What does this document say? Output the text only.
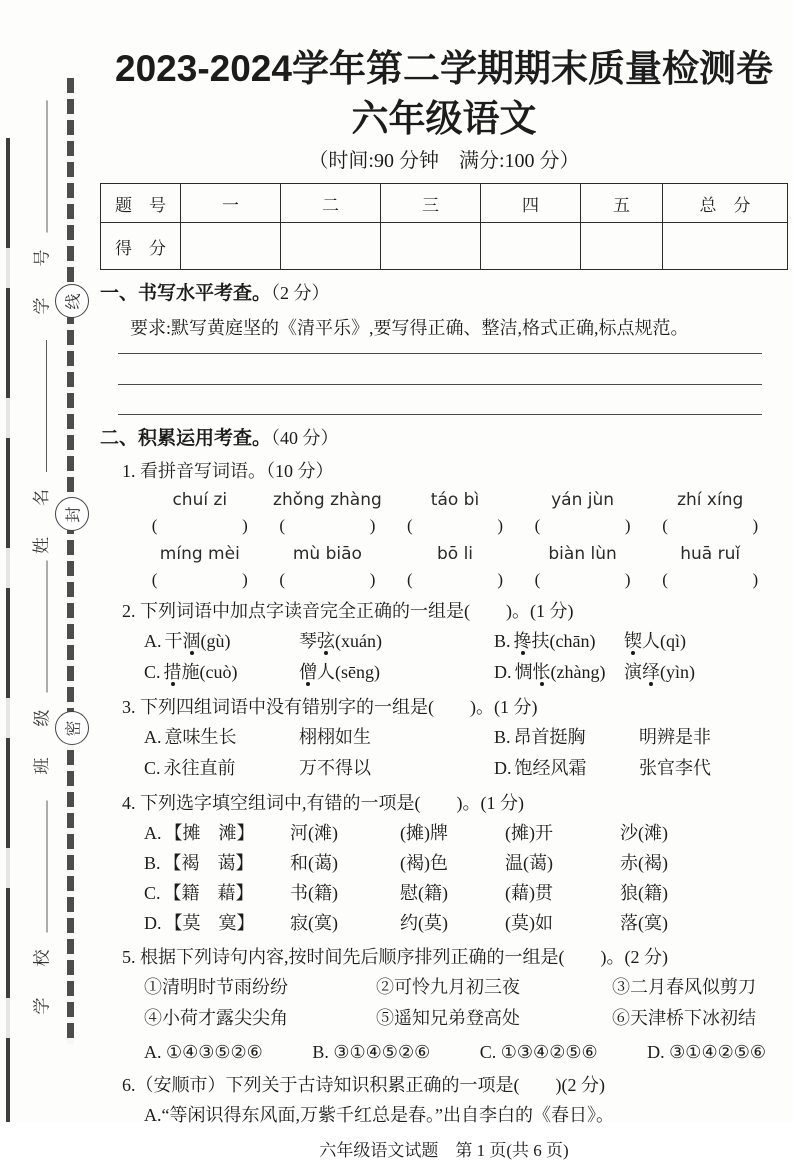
学　号
姓　名
班　级
学　校
线
封
密
2023-2024学年第二学期期末质量检测卷
六年级语文
（时间:90 分钟　满分:100 分）
题　号	一	二	三	四	五	总　分
得　分						
一、书写水平考查。（2 分）
要求:默写黄庭坚的《清平乐》,要写得正确、整洁,格式正确,标点规范。
二、积累运用考查。（40 分）
1. 看拼音写词语。（10 分）
chuí zi	zhǒng zhàng	táo bì	yán jùn	zhí xíng
(	) (	) (	) (	) (	)
míng mèi	mù biāo	bō li	biàn lùn	huā ruǐ
(	) (	) (	) (	) (	)
2. 下列词语中加点字读音完全正确的一组是(　　)。(1 分)
A. 干涸(gù)	琴弦(xuán)	B. 搀扶(chān)	锲人(qì)
C. 措施(cuò)	僧人(sēng)	D. 惆怅(zhàng)	演绎(yìn)
3. 下列四组词语中没有错别字的一组是(　　)。(1 分)
A. 意味生长	栩栩如生	B. 昂首挺胸	明辨是非
C. 永往直前	万不得以	D. 饱经风霜	张官李代
4. 下列选字填空组词中,有错的一项是(　　)。(1 分)
A. 【摊　滩】	河(滩)	(摊)牌	(摊)开	沙(滩)
B. 【褐　蔼】	和(蔼)	(褐)色	温(蔼)	赤(褐)
C. 【籍　藉】	书(籍)	慰(籍)	(藉)贯	狼(籍)
D. 【莫　寞】	寂(寞)	约(莫)	(莫)如	落(寞)
5. 根据下列诗句内容,按时间先后顺序排列正确的一组是(　　)。(2 分)
①清明时节雨纷纷	②可怜九月初三夜	③二月春风似剪刀
④小荷才露尖尖角	⑤遥知兄弟登高处	⑥天津桥下冰初结
A. ①④③⑤②⑥	B. ③①④⑤②⑥	C. ①③④②⑤⑥	D. ③①④②⑤⑥
6.（安顺市）下列关于古诗知识积累正确的一项是(　　)(2 分)
A.“等闲识得东风面,万紫千红总是春。”出自李白的《春日》。
六年级语文试题　第 1 页(共 6 页)
